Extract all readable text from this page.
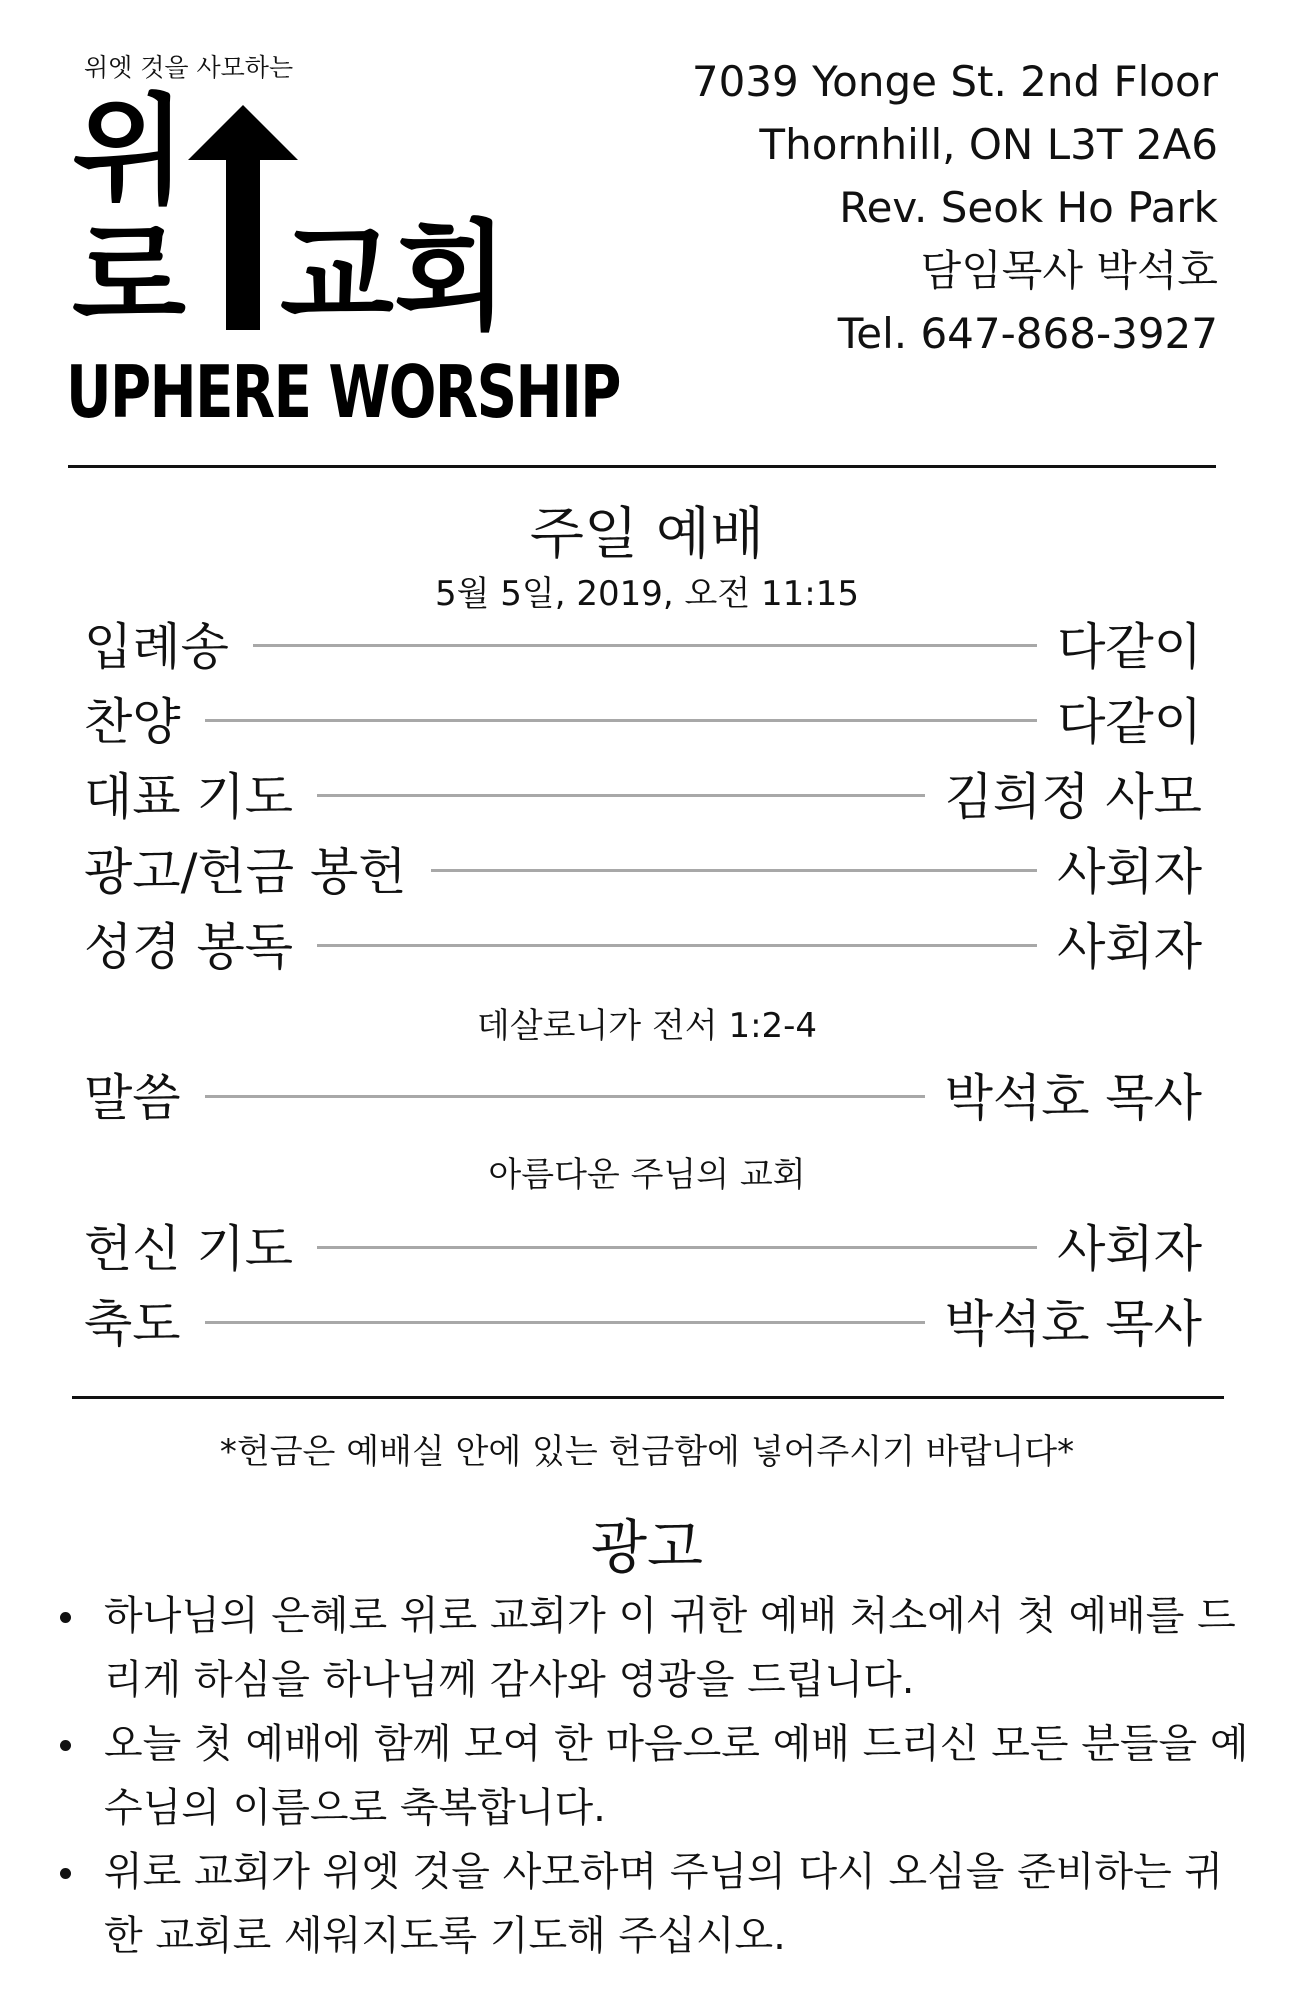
위엣 것을 사모하는
위
로 교회
UPHERE WORSHIP
7039 Yonge St. 2nd Floor
Thornhill, ON L3T 2A6
Rev. Seok Ho Park
담임목사 박석호
Tel. 647-868-3927
주일 예배
5월 5일, 2019, 오전 11:15
입례송	다같이
찬양	다같이
대표 기도	김희정 사모
광고/헌금 봉헌	사회자
성경 봉독	사회자
데살로니가 전서 1:2-4
말씀	박석호 목사
아름다운 주님의 교회
헌신 기도	사회자
축도	박석호 목사
*헌금은 예배실 안에 있는 헌금함에 넣어주시기 바랍니다*
광고
하나님의 은혜로 위로 교회가 이 귀한 예배 처소에서 첫 예배를 드리게 하심을 하나님께 감사와 영광을 드립니다.
오늘 첫 예배에 함께 모여 한 마음으로 예배 드리신 모든 분들을 예수님의 이름으로 축복합니다.
위로 교회가 위엣 것을 사모하며 주님의 다시 오심을 준비하는 귀한 교회로 세워지도록 기도해 주십시오.
